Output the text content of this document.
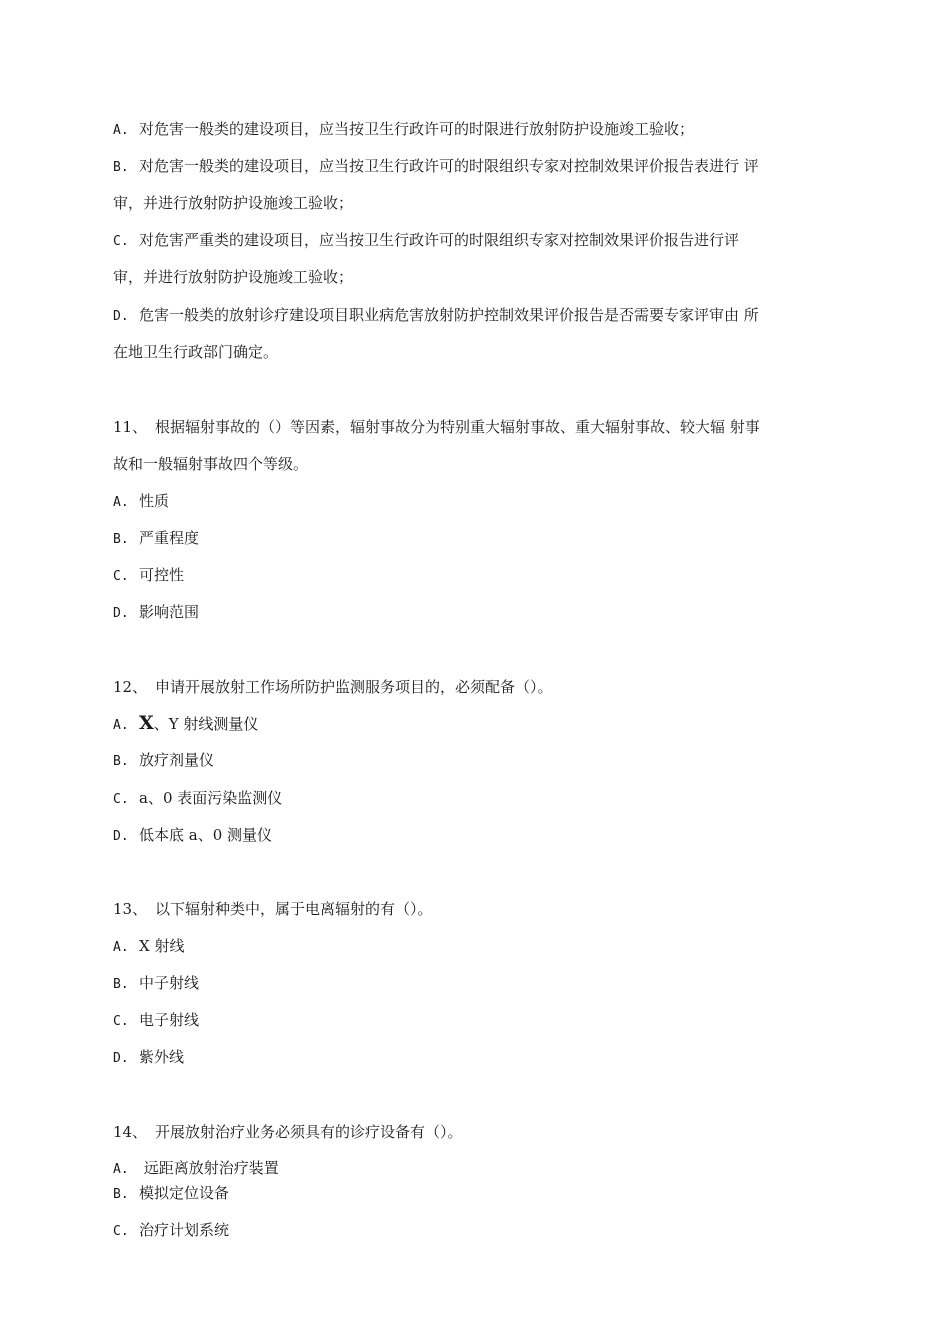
A. 对危害一般类的建设项目，应当按卫生行政许可的时限进行放射防护设施竣工验收；
B. 对危害一般类的建设项目，应当按卫生行政许可的时限组织专家对控制效果评价报告表进行 评
审，并进行放射防护设施竣工验收；
C. 对危害严重类的建设项目，应当按卫生行政许可的时限组织专家对控制效果评价报告进行评
审，并进行放射防护设施竣工验收；
D. 危害一般类的放射诊疗建设项目职业病危害放射防护控制效果评价报告是否需要专家评审由 所
在地卫生行政部门确定。
11、 根据辐射事故的（）等因素，辐射事故分为特别重大辐射事故、重大辐射事故、较大辐 射事
故和一般辐射事故四个等级。
A. 性质
B. 严重程度
C. 可控性
D. 影响范围
12、 申请开展放射工作场所防护监测服务项目的，必须配备（）。
A. X、Y 射线测量仪
B. 放疗剂量仪
C. a、0 表面污染监测仪
D. 低本底 a、0 测量仪
13、 以下辐射种类中，属于电离辐射的有（）。
A. X 射线
B. 中子射线
C. 电子射线
D. 紫外线
14、 开展放射治疗业务必须具有的诊疗设备有（）。
A. 远距离放射治疗装置
B. 模拟定位设备
C. 治疗计划系统
